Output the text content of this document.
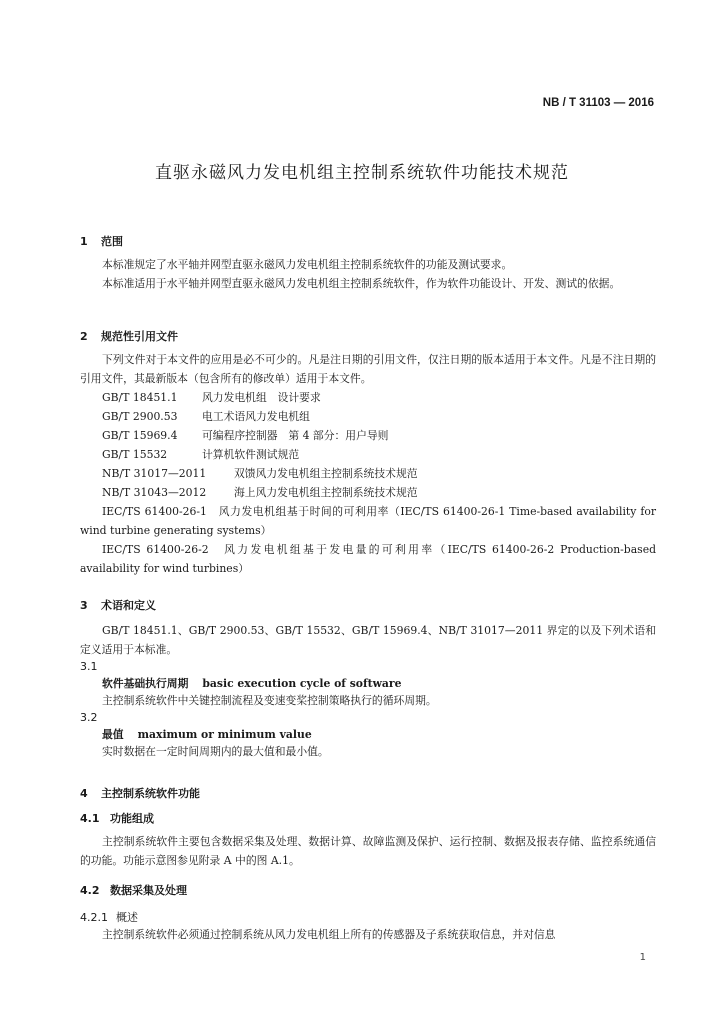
NB / T 31103 — 2016
直驱永磁风力发电机组主控制系统软件功能技术规范
1 范围
本标准规定了水平轴并网型直驱永磁风力发电机组主控制系统软件的功能及测试要求。
本标准适用于水平轴并网型直驱永磁风力发电机组主控制系统软件，作为软件功能设计、开发、测试的依据。
2 规范性引用文件
下列文件对于本文件的应用是必不可少的。凡是注日期的引用文件，仅注日期的版本适用于本文件。凡是不注日期的引用文件，其最新版本（包含所有的修改单）适用于本文件。
GB/T 18451.1 风力发电机组　设计要求
GB/T 2900.53 电工术语风力发电机组
GB/T 15969.4 可编程序控制器　第 4 部分：用户导则
GB/T 15532	计算机软件测试规范
NB/T 31017—2011	双馈风力发电机组主控制系统技术规范
NB/T 31043—2012	海上风力发电机组主控制系统技术规范
IEC/TS 61400-26-1　风力发电机组基于时间的可利用率（IEC/TS 61400-26-1 Time-based availability for wind turbine generating systems）
IEC/TS 61400-26-2　风力发电机组基于发电量的可利用率（IEC/TS 61400-26-2 Production-based availability for wind turbines）
3 术语和定义
GB/T 18451.1、GB/T 2900.53、GB/T 15532、GB/T 15969.4、NB/T 31017—2011 界定的以及下列术语和定义适用于本标准。
3.1
软件基础执行周期 basic execution cycle of software
主控制系统软件中关键控制流程及变速变桨控制策略执行的循环周期。
3.2
最值 maximum or minimum value
实时数据在一定时间周期内的最大值和最小值。
4 主控制系统软件功能
4.1 功能组成
主控制系统软件主要包含数据采集及处理、数据计算、故障监测及保护、运行控制、数据及报表存储、监控系统通信的功能。功能示意图参见附录 A 中的图 A.1。
4.2 数据采集及处理
4.2.1 概述
主控制系统软件必须通过控制系统从风力发电机组上所有的传感器及子系统获取信息，并对信息
1
